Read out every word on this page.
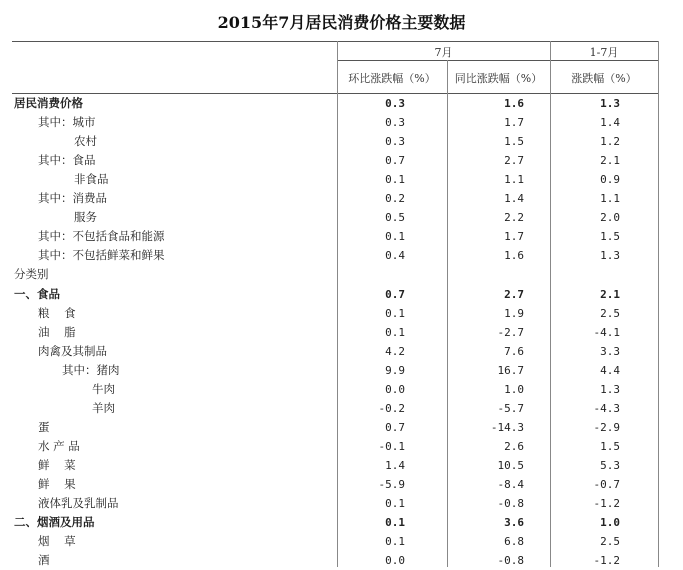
2015年7月居民消费价格主要数据
7月	1-7月
环比涨跌幅（%）	同比涨跌幅（%）	涨跌幅（%）
居民消费价格	0.3	1.6	1.3
其中：城市	0.3	1.7	1.4
农村	0.3	1.5	1.2
其中：食品	0.7	2.7	2.1
非食品	0.1	1.1	0.9
其中：消费品	0.2	1.4	1.1
服务	0.5	2.2	2.0
其中：不包括食品和能源	0.1	1.7	1.5
其中：不包括鲜菜和鲜果	0.4	1.6	1.3
分类别
一、食品	0.7	2.7	2.1
粮    食	0.1	1.9	2.5
油    脂	0.1	-2.7	-4.1
肉禽及其制品	4.2	7.6	3.3
其中：猪肉	9.9	16.7	4.4
牛肉	0.0	1.0	1.3
羊肉	-0.2	-5.7	-4.3
蛋	0.7	-14.3	-2.9
水 产 品	-0.1	2.6	1.5
鲜    菜	1.4	10.5	5.3
鲜    果	-5.9	-8.4	-0.7
液体乳及乳制品	0.1	-0.8	-1.2
二、烟酒及用品	0.1	3.6	1.0
烟    草	0.1	6.8	2.5
酒	0.0	-0.8	-1.2
